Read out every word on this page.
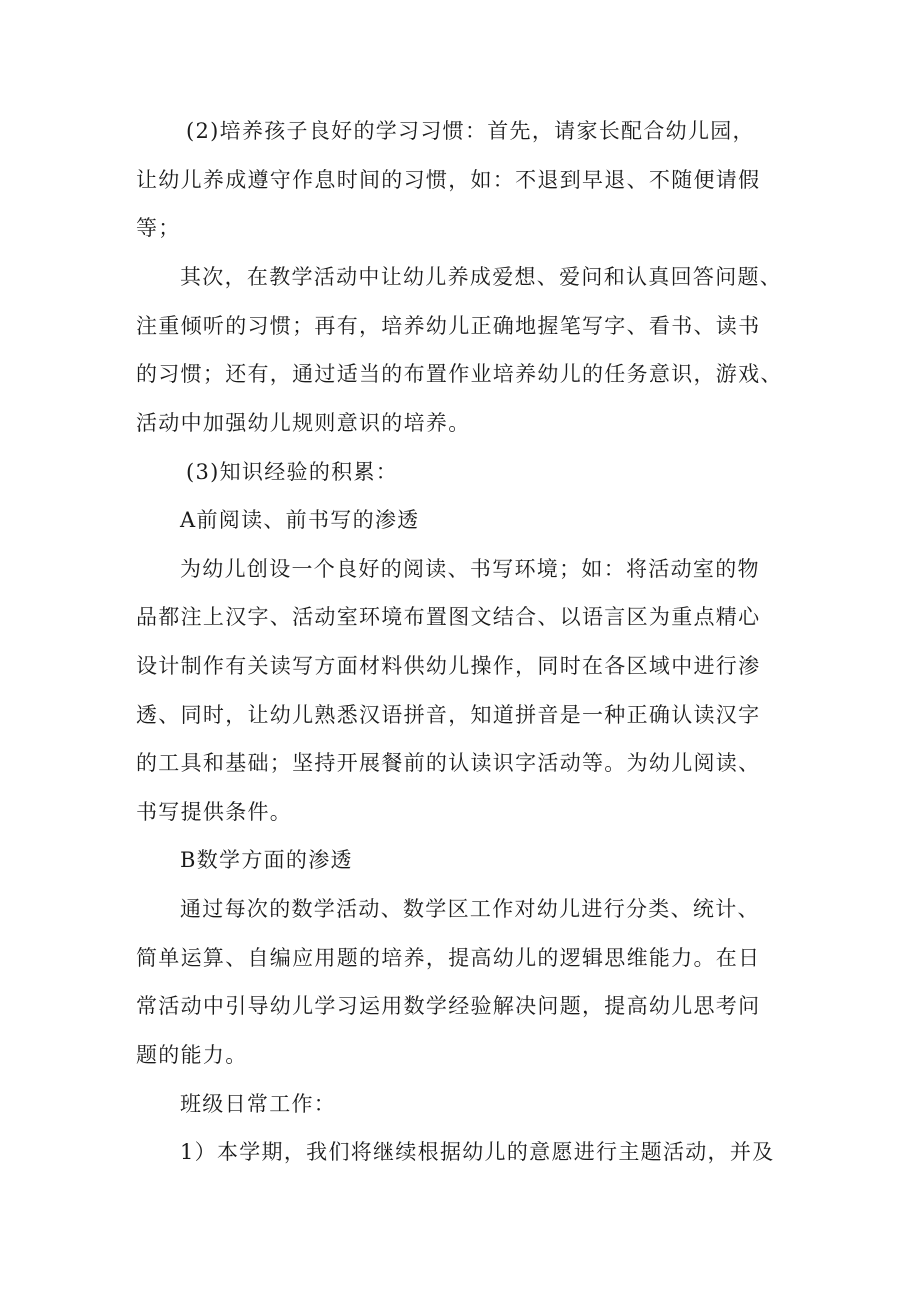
(2)培养孩子良好的学习习惯：首先，请家长配合幼儿园，
让幼儿养成遵守作息时间的习惯，如：不退到早退、不随便请假
等；
其次，在教学活动中让幼儿养成爱想、爱问和认真回答问题、
注重倾听的习惯；再有，培养幼儿正确地握笔写字、看书、读书
的习惯；还有，通过适当的布置作业培养幼儿的任务意识，游戏、
活动中加强幼儿规则意识的培养。
(3)知识经验的积累：
A前阅读、前书写的渗透
为幼儿创设一个良好的阅读、书写环境；如：将活动室的物
品都注上汉字、活动室环境布置图文结合、以语言区为重点精心
设计制作有关读写方面材料供幼儿操作，同时在各区域中进行渗
透、同时，让幼儿熟悉汉语拼音，知道拼音是一种正确认读汉字
的工具和基础；坚持开展餐前的认读识字活动等。为幼儿阅读、
书写提供条件。
B数学方面的渗透
通过每次的数学活动、数学区工作对幼儿进行分类、统计、
简单运算、自编应用题的培养，提高幼儿的逻辑思维能力。在日
常活动中引导幼儿学习运用数学经验解决问题，提高幼儿思考问
题的能力。
班级日常工作：
1）本学期，我们将继续根据幼儿的意愿进行主题活动，并及
